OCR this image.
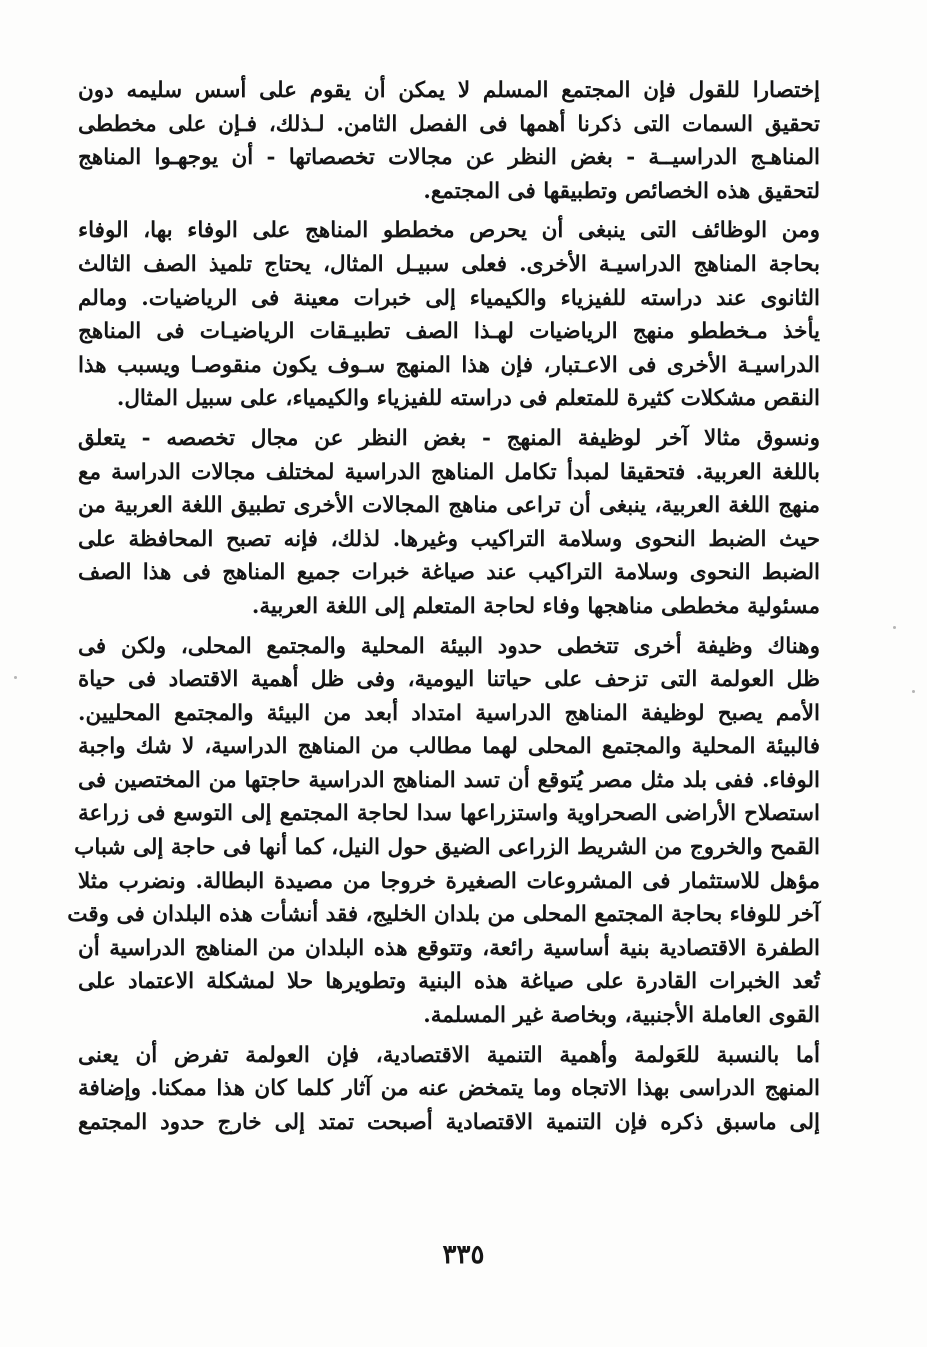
إختصارا للقول فإن المجتمع المسلم لا يمكن أن يقوم على أسس سليمه دون
تحقيق السمات التى ذكرنا أهمها فى الفصل الثامن. لـذلك، فـإن على مخططى
المناهـج الدراسيــة - بغض النظر عن مجالات تخصصاتها - أن يوجهـوا المناهج
لتحقيق هذه الخصائص وتطبيقها فى المجتمع.

ومن الوظائف التى ينبغى أن يحرص مخططو المناهج على الوفاء بها، الوفاء
بحاجة المناهج الدراسيـة الأخرى. فعلى سبيـل المثال، يحتاج تلميذ الصف الثالث
الثانوى عند دراسته للفيزياء والكيمياء إلى خبرات معينة فى الرياضيات. ومالم
يأخذ مـخططو منهج الرياضيات لهـذا الصف تطبيـقات الرياضيـات فى المناهج
الدراسيـة الأخرى فى الاعـتبار، فإن هذا المنهج سـوف يكون منقوصـا ويسبب هذا
النقص مشكلات كثيرة للمتعلم فى دراسته للفيزياء والكيمياء، على سبيل المثال.

ونسوق مثالا آخر لوظيفة المنهج - بغض النظر عن مجال تخصصه - يتعلق
باللغة العربية. فتحقيقا لمبدأ تكامل المناهج الدراسية لمختلف مجالات الدراسة مع
منهج اللغة العربية، ينبغى أن تراعى مناهج المجالات الأخرى تطبيق اللغة العربية من
حيث الضبط النحوى وسلامة التراكيب وغيرها. لذلك، فإنه تصبح المحافظة على
الضبط النحوى وسلامة التراكيب عند صياغة خبرات جميع المناهج فى هذا الصف
مسئولية مخططى مناهجها وفاء لحاجة المتعلم إلى اللغة العربية.

وهناك وظيفة أخرى تتخطى حدود البيئة المحلية والمجتمع المحلى، ولكن فى
ظل العولمة التى تزحف على حياتنا اليومية، وفى ظل أهمية الاقتصاد فى حياة
الأمم يصبح لوظيفة المناهج الدراسية امتداد أبعد من البيئة والمجتمع المحليين.
فالبيئة المحلية والمجتمع المحلى لهما مطالب من المناهج الدراسية، لا شك واجبة
الوفاء. ففى بلد مثل مصر يُتوقع أن تسد المناهج الدراسية حاجتها من المختصين فى
استصلاح الأراضى الصحراوية واستزراعها سدا لحاجة المجتمع إلى التوسع فى زراعة
القمح والخروج من الشريط الزراعى الضيق حول النيل، كما أنها فى حاجة إلى شباب
مؤهل للاستثمار فى المشروعات الصغيرة خروجا من مصيدة البطالة. ونضرب مثلا
آخر للوفاء بحاجة المجتمع المحلى من بلدان الخليج، فقد أنشأت هذه البلدان فى وقت
الطفرة الاقتصادية بنية أساسية رائعة، وتتوقع هذه البلدان من المناهج الدراسية أن
تُعد الخبرات القادرة على صياغة هذه البنية وتطويرها حلا لمشكلة الاعتماد على
القوى العاملة الأجنبية، وبخاصة غير المسلمة.

أما بالنسبة للعَولمة وأهمية التنمية الاقتصادية، فإن العولمة تفرض أن يعنى
المنهج الدراسى بهذا الاتجاه وما يتمخض عنه من آثار كلما كان هذا ممكنا. وإضافة
إلى ماسبق ذكره فإن التنمية الاقتصادية أصبحت تمتد إلى خارج حدود المجتمع

٣٣٥
